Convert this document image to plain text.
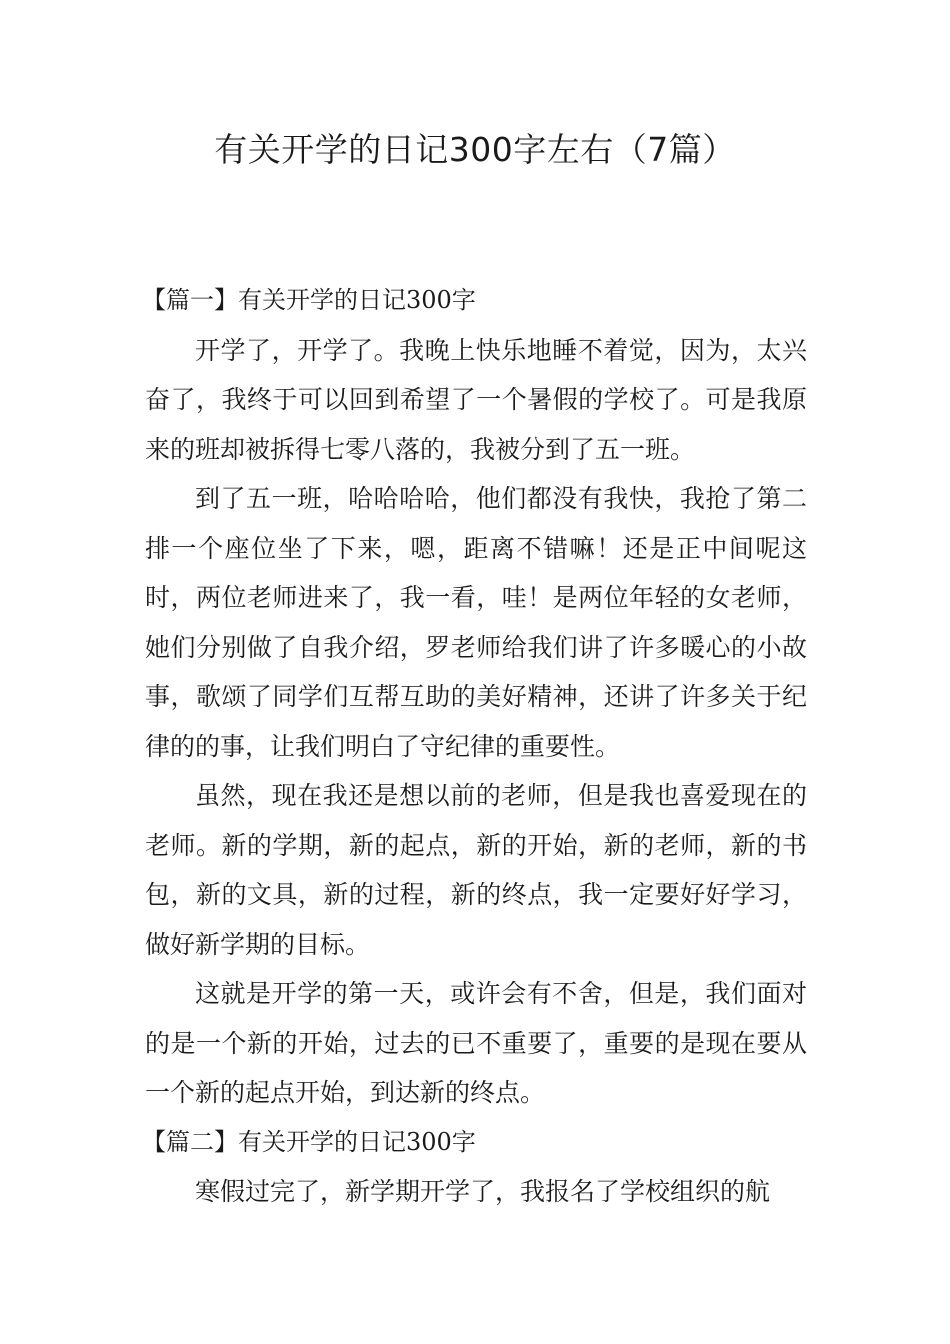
有关开学的日记300字左右（7篇）

【篇一】有关开学的日记300字

开学了，开学了。我晚上快乐地睡不着觉，因为，太兴奋了，我终于可以回到希望了一个暑假的学校了。可是我原来的班却被拆得七零八落的，我被分到了五一班。

到了五一班，哈哈哈哈，他们都没有我快，我抢了第二排一个座位坐了下来，嗯，距离不错嘛！还是正中间呢这时，两位老师进来了，我一看，哇！是两位年轻的女老师，她们分别做了自我介绍，罗老师给我们讲了许多暖心的小故事，歌颂了同学们互帮互助的美好精神，还讲了许多关于纪律的的事，让我们明白了守纪律的重要性。

虽然，现在我还是想以前的老师，但是我也喜爱现在的老师。新的学期，新的起点，新的开始，新的老师，新的书包，新的文具，新的过程，新的终点，我一定要好好学习，做好新学期的目标。

这就是开学的第一天，或许会有不舍，但是，我们面对的是一个新的开始，过去的已不重要了，重要的是现在要从一个新的起点开始，到达新的终点。

【篇二】有关开学的日记300字

寒假过完了，新学期开学了，我报名了学校组织的航
